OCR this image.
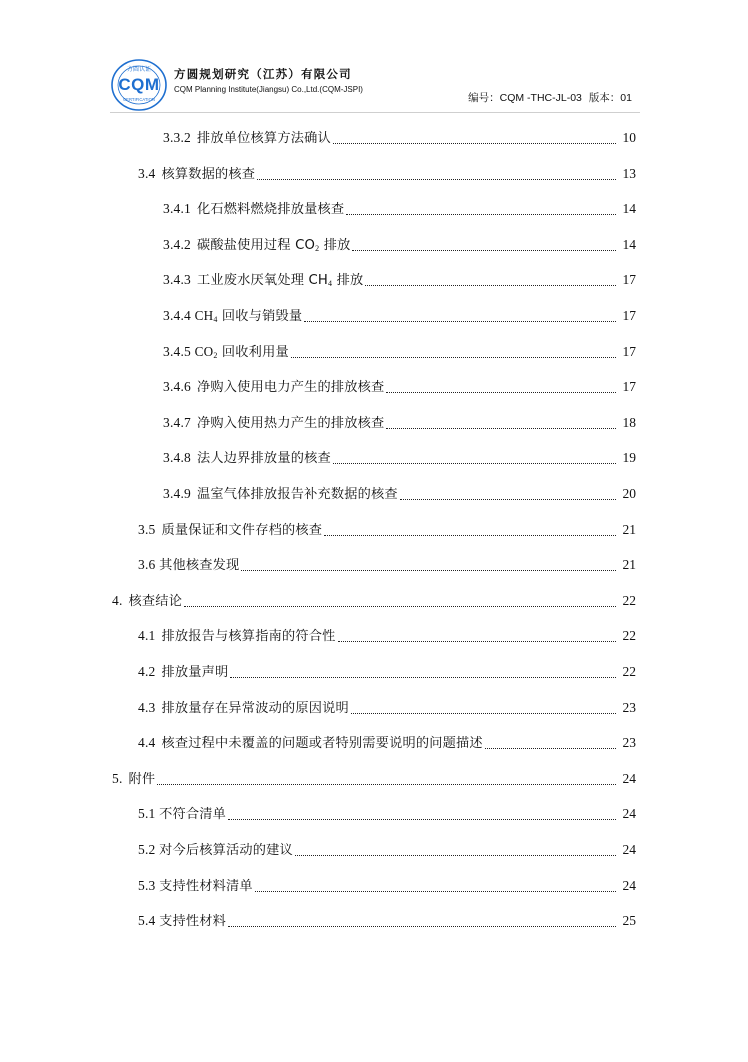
方圆认证
CQM
CERTIFICATION
方圆规划研究（江苏）有限公司
CQM Planning Institute(Jiangsu) Co.,Ltd.(CQM-JSPI)
编号：CQM -THC-JL-03 版本：01
3.3.2 排放单位核算方法确认	10
3.4 核算数据的核查	13
3.4.1 化石燃料燃烧排放量核查	14
3.4.2 碳酸盐使用过程 $CO_2$ 排放	14
3.4.3 工业废水厌氧处理 $CH_4$ 排放	17
3.4.4 $CH_4$ 回收与销毁量	17
3.4.5 $CO_2$ 回收利用量	17
3.4.6 净购入使用电力产生的排放核查	17
3.4.7 净购入使用热力产生的排放核查	18
3.4.8 法人边界排放量的核查	19
3.4.9 温室气体排放报告补充数据的核查	20
3.5 质量保证和文件存档的核查	21
3.6 其他核查发现	21
4. 核查结论	22
4.1 排放报告与核算指南的符合性	22
4.2 排放量声明	22
4.3 排放量存在异常波动的原因说明	23
4.4 核查过程中未覆盖的问题或者特别需要说明的问题描述	23
5. 附件	24
5.1 不符合清单	24
5.2 对今后核算活动的建议	24
5.3 支持性材料清单	24
5.4 支持性材料	25
